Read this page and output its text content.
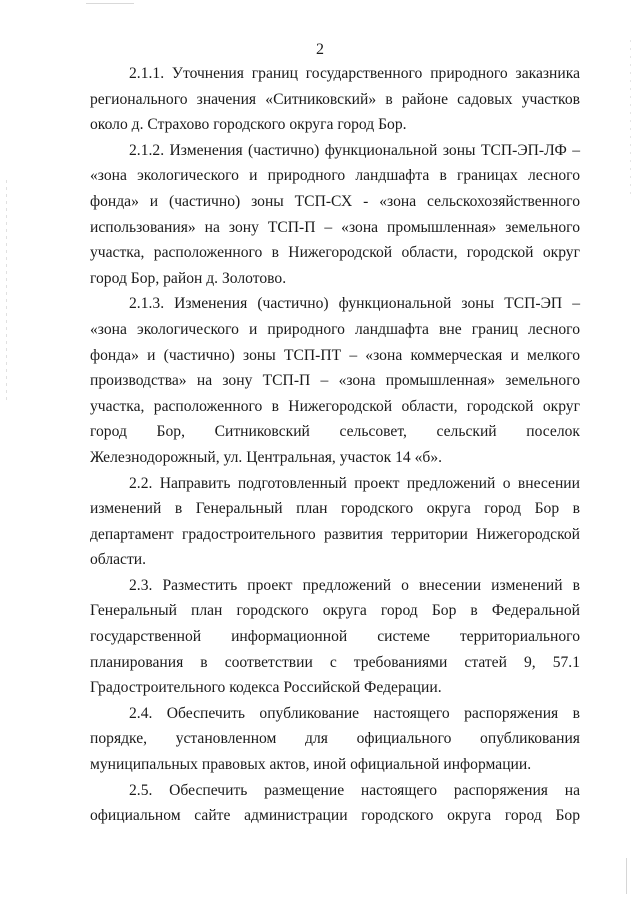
2

2.1.1. Уточнения границ государственного природного заказника регионального значения «Ситниковский» в районе садовых участков около д. Страхово городского округа город Бор.

2.1.2. Изменения (частично) функциональной зоны ТСП-ЭП-ЛФ – «зона экологического и природного ландшафта в границах лесного фонда» и (частично) зоны ТСП-СХ - «зона сельскохозяйственного использования» на зону ТСП-П – «зона промышленная» земельного участка, расположенного в Нижегородской области, городской округ город Бор, район д. Золотово.

2.1.3. Изменения (частично) функциональной зоны ТСП-ЭП – «зона экологического и природного ландшафта вне границ лесного фонда» и (частично) зоны ТСП-ПТ – «зона коммерческая и мелкого производства» на зону ТСП-П – «зона промышленная» земельного участка, расположенного в Нижегородской области, городской округ город Бор, Ситниковский сельсовет, сельский поселок Железнодорожный, ул. Центральная, участок 14 «б».

2.2. Направить подготовленный проект предложений о внесении изменений в Генеральный план городского округа город Бор в департамент градостроительного развития территории Нижегородской области.

2.3. Разместить проект предложений о внесении изменений в Генеральный план городского округа город Бор в Федеральной государственной информационной системе территориального планирования в соответствии с требованиями статей 9, 57.1 Градостроительного кодекса Российской Федерации.

2.4. Обеспечить опубликование настоящего распоряжения в порядке, установленном для официального опубликования муниципальных правовых актов, иной официальной информации.

2.5. Обеспечить размещение настоящего распоряжения на официальном сайте администрации городского округа город Бор
